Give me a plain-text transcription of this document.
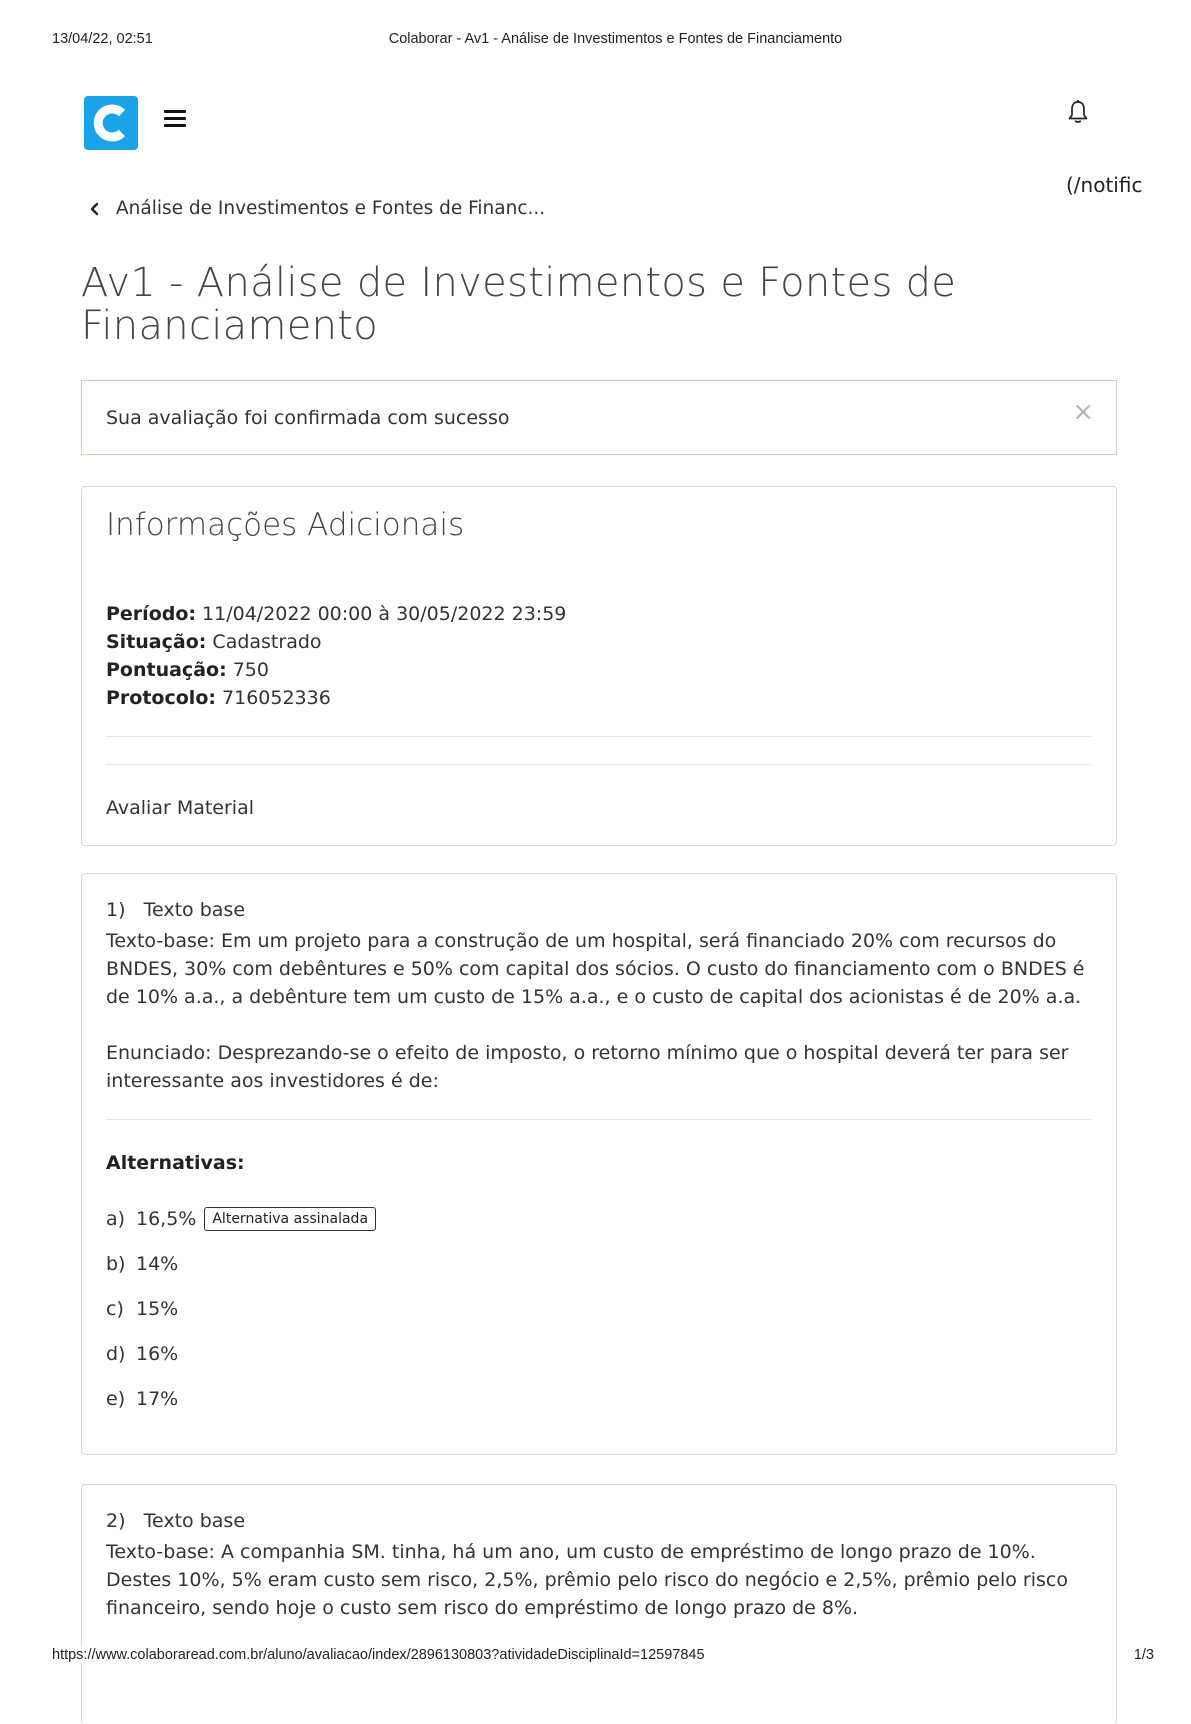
13/04/22, 02:51	Colaborar - Av1 - Análise de Investimentos e Fontes de Financiamento
(/notific
Análise de Investimentos e Fontes de Financ...
Av1 - Análise de Investimentos e Fontes de Financiamento
Sua avaliação foi confirmada com sucesso	×
Informações Adicionais
Período: 11/04/2022 00:00 à 30/05/2022 23:59
Situação: Cadastrado
Pontuação: 750
Protocolo: 716052336
Avaliar Material
1)   Texto base

Texto-base: Em um projeto para a construção de um hospital, será financiado 20% com recursos do BNDES, 30% com debêntures e 50% com capital dos sócios. O custo do financiamento com o BNDES é de 10% a.a., a debênture tem um custo de 15% a.a., e o custo de capital dos acionistas é de 20% a.a.

Enunciado: Desprezando-se o efeito de imposto, o retorno mínimo que o hospital deverá ter para ser interessante aos investidores é de:

Alternativas:
a) 16,5%	Alternativa assinalada
b) 14%
c) 15%
d) 16%
e) 17%
2)   Texto base

Texto-base: A companhia SM. tinha, há um ano, um custo de empréstimo de longo prazo de 10%. Destes 10%, 5% eram custo sem risco, 2,5%, prêmio pelo risco do negócio e 2,5%, prêmio pelo risco financeiro, sendo hoje o custo sem risco do empréstimo de longo prazo de 8%.

https://www.colaboraread.com.br/aluno/avaliacao/index/2896130803?atividadeDisciplinaId=12597845	1/3
